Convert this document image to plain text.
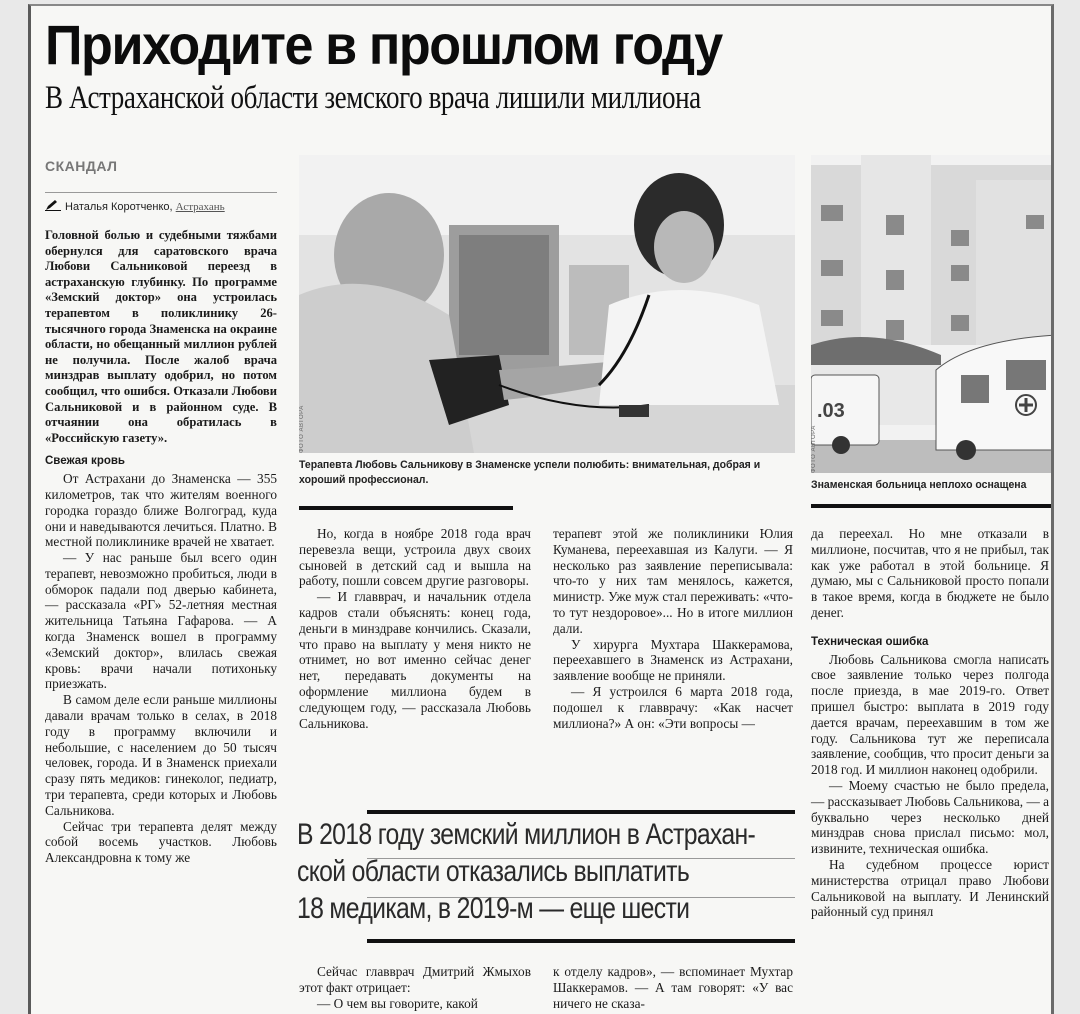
Приходите в прошлом году
В Астраханской области земского врача лишили миллиона
СКАНДАЛ
Наталья Коротченко, Астрахань

Головной болью и судебными тяжбами обернулся для саратовского врача Любови Сальниковой переезд в астраханскую глубинку. По программе «Земский доктор» она устроилась терапевтом в поликлинику 26-тысячного города Знаменска на окраине области, но обещанный миллион рублей не получила. После жалоб врача минздрав выплату одобрил, но потом сообщил, что ошибся. Отказали Любови Сальниковой и в районном суде. В отчаянии она обратилась в «Российскую газету».

Свежая кровь

От Астрахани до Знаменска — 355 километров, так что жителям военного городка гораздо ближе Волгоград, куда они и наведываются лечиться. Платно. В местной поликлинике врачей не хватает.

— У нас раньше был всего один терапевт, невозможно пробиться, люди в обморок падали под дверью кабинета, — рассказала «РГ» 52-летняя местная жительница Татьяна Гафарова. — А когда Знаменск вошел в программу «Земский доктор», влилась свежая кровь: врачи начали потихоньку приезжать.

В самом деле если раньше миллионы давали врачам только в селах, в 2018 году в программу включили и небольшие, с населением до 50 тысяч человек, города. И в Знаменск приехали сразу пять медиков: гинеколог, педиатр, три терапевта, среди которых и Любовь Сальникова.

Сейчас три терапевта делят между собой восемь участков. Любовь Александровна к тому же

ФОТО АВТОРА
Терапевта Любовь Сальникову в Знаменске успели полюбить: внимательная, добрая и хороший профессионал.
.03
ФОТО АВТОРА
Знаменская больница неплохо оснащена

Но, когда в ноябре 2018 года врач перевезла вещи, устроила двух своих сыновей в детский сад и вышла на работу, пошли совсем другие разговоры.

— И главврач, и начальник отдела кадров стали объяснять: конец года, деньги в минздраве кончились. Сказали, что право на выплату у меня никто не отнимет, но вот именно сейчас денег нет, передавать документы на оформление миллиона будем в следующем году, — рассказала Любовь Сальникова.

терапевт этой же поликлиники Юлия Куманева, переехавшая из Калуги. — Я несколько раз заявление переписывала: что-то у них там менялось, кажется, министр. Уже муж стал переживать: «что-то тут нездоровое»... Но в итоге миллион дали.

У хирурга Мухтара Шаккерамова, переехавшего в Знаменск из Астрахани, заявление вообще не приняли.

— Я устроился 6 марта 2018 года, подошел к главврачу: «Как насчет миллиона?» А он: «Эти вопросы —

В 2018 году земский миллион в Астрахан-
ской области отказались выплатить
18 медикам, в 2019-м — еще шести

Сейчас главврач Дмитрий Жмыхов этот факт отрицает:

— О чем вы говорите, какой

к отделу кадров», — вспоминает Мухтар Шаккерамов. — А там говорят: «У вас ничего не сказа-

да переехал. Но мне отказали в миллионе, посчитав, что я не прибыл, так как уже работал в этой больнице. Я думаю, мы с Сальниковой просто попали в такое время, когда в бюджете не было денег.

Техническая ошибка

Любовь Сальникова смогла написать свое заявление только через полгода после приезда, в мае 2019-го. Ответ пришел быстро: выплата в 2019 году дается врачам, переехавшим в том же году. Сальникова тут же переписала заявление, сообщив, что просит деньги за 2018 год. И миллион наконец одобрили.

— Моему счастью не было предела, — рассказывает Любовь Сальникова, — а буквально через несколько дней минздрав снова прислал письмо: мол, извините, техническая ошибка.

На судебном процессе юрист министерства отрицал право Любови Сальниковой на выплату. И Ленинский районный суд принял
